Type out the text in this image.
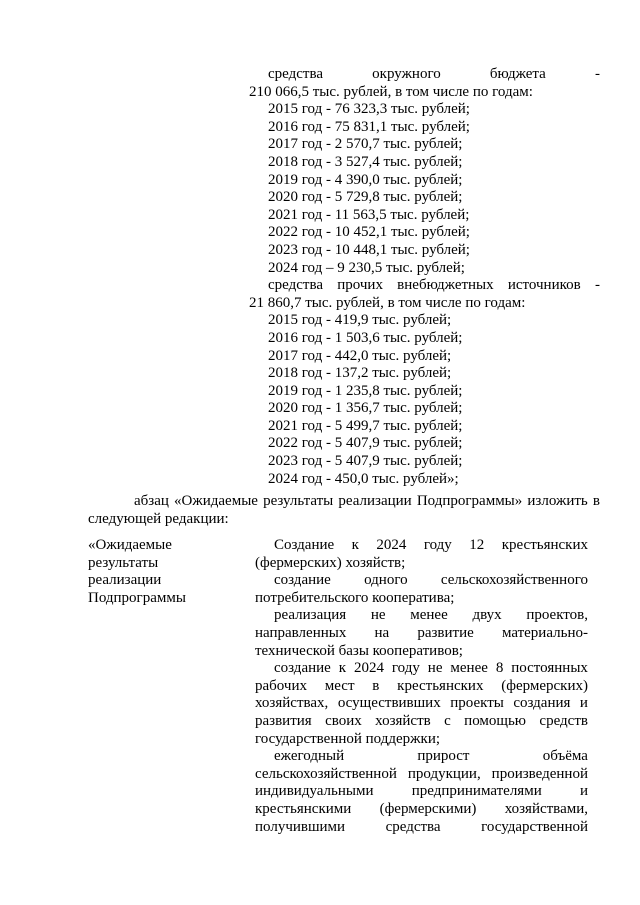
средства	окружного	бюджета	-
210 066,5 тыс. рублей, в том числе по годам:
2015 год - 76 323,3 тыс. рублей;
2016 год - 75 831,1 тыс. рублей;
2017 год - 2 570,7 тыс. рублей;
2018 год - 3 527,4 тыс. рублей;
2019 год - 4 390,0 тыс. рублей;
2020 год - 5 729,8 тыс. рублей;
2021 год - 11 563,5 тыс. рублей;
2022 год - 10 452,1 тыс. рублей;
2023 год - 10 448,1 тыс. рублей;
2024 год – 9 230,5 тыс. рублей;
средства прочих внебюджетных источников -
21 860,7 тыс. рублей, в том числе по годам:
2015 год - 419,9 тыс. рублей;
2016 год - 1 503,6 тыс. рублей;
2017 год - 442,0 тыс. рублей;
2018 год - 137,2 тыс. рублей;
2019 год - 1 235,8 тыс. рублей;
2020 год - 1 356,7 тыс. рублей;
2021 год - 5 499,7 тыс. рублей;
2022 год - 5 407,9 тыс. рублей;
2023 год - 5 407,9 тыс. рублей;
2024 год - 450,0 тыс. рублей»;
абзац «Ожидаемые результаты реализации Подпрограммы» изложить в
следующей редакции:
«Ожидаемые
результаты
реализации
Подпрограммы
Создание к 2024 году 12 крестьянских
(фермерских) хозяйств;
создание одного сельскохозяйственного
потребительского кооператива;
реализация не менее двух проектов,
направленных на развитие материально-
технической базы кооперативов;
создание к 2024 году не менее 8 постоянных
рабочих мест в крестьянских (фермерских)
хозяйствах, осуществивших проекты создания и
развития своих хозяйств с помощью средств
государственной поддержки;
ежегодный	прирост	объёма
сельскохозяйственной продукции, произведенной
индивидуальными	предпринимателями	и
крестьянскими (фермерскими) хозяйствами,
получившими	средства	государственной
